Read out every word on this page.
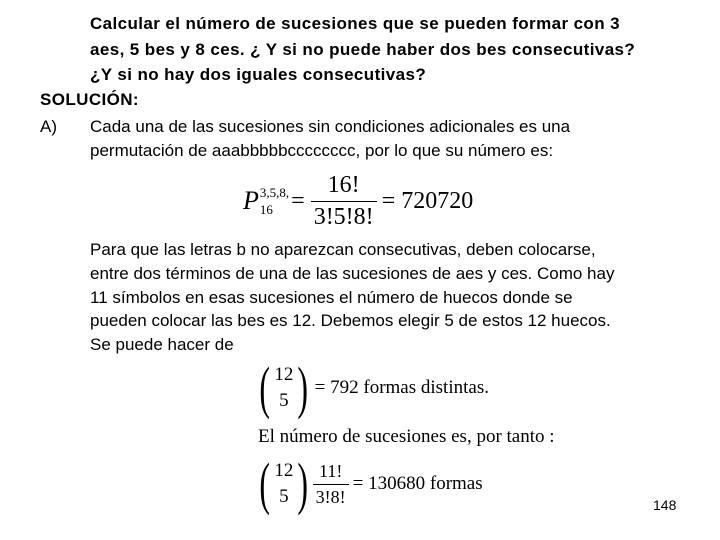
Calcular el número de sucesiones que se pueden formar con 3
aes, 5 bes y 8 ces. ¿ Y si no puede haber dos bes consecutivas?
¿Y si no hay dos iguales consecutivas?
SOLUCIÓN:
A) Cada una de las sucesiones sin condiciones adicionales es una
permutación de aaabbbbbcccccccc, por lo que su número es:
P 3,5,8,
$16 = \frac{16!}{3!5!8!} = 720720$
Para que las letras b no aparezcan consecutivas, deben colocarse,
entre dos términos de una de las sucesiones de aes y ces. Como hay
11 símbolos en esas sucesiones el número de huecos donde se
pueden colocar las bes es 12. Debemos elegir 5 de estos 12 huecos.
Se puede hacer de
( 12
5 ) = 792 formas distintas.
El número de sucesiones es, por tanto :
( 12
5 ) $\frac{11!}{3!8!} = 130680$ formas
148
